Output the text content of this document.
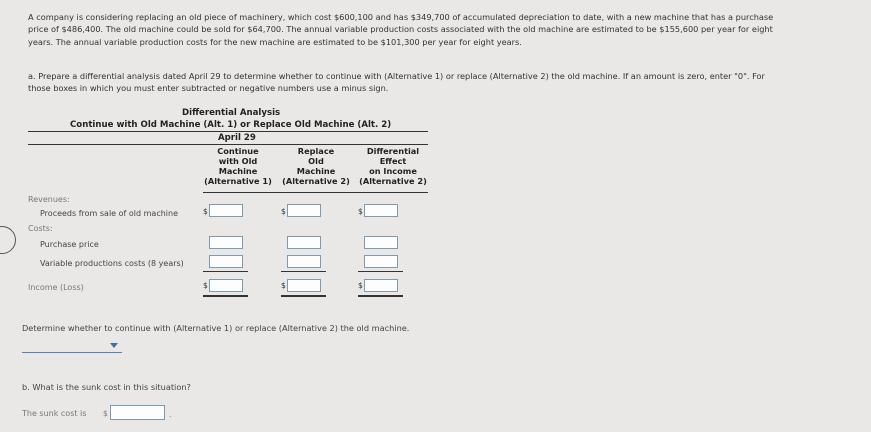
A company is considering replacing an old piece of machinery, which cost $600,100 and has $349,700 of accumulated depreciation to date, with a new machine that has a purchase
price of $486,400. The old machine could be sold for $64,700. The annual variable production costs associated with the old machine are estimated to be $155,600 per year for eight
years. The annual variable production costs for the new machine are estimated to be $101,300 per year for eight years.
a. Prepare a differential analysis dated April 29 to determine whether to continue with (Alternative 1) or replace (Alternative 2) the old machine. If an amount is zero, enter "0". For
those boxes in which you must enter subtracted or negative numbers use a minus sign.
Differential Analysis
Continue with Old Machine (Alt. 1) or Replace Old Machine (Alt. 2)
April 29
Continue
with Old
Machine
(Alternative 1)
Replace
Old
Machine
(Alternative 2)
Differential
Effect
on Income
(Alternative 2)
Revenues:
Proceeds from sale of old machine
Costs:
Purchase price
Variable productions costs (8 years)
Income (Loss)
$
$
$
$
$
$
Determine whether to continue with (Alternative 1) or replace (Alternative 2) the old machine.
b. What is the sunk cost in this situation?
The sunk cost is $	.
